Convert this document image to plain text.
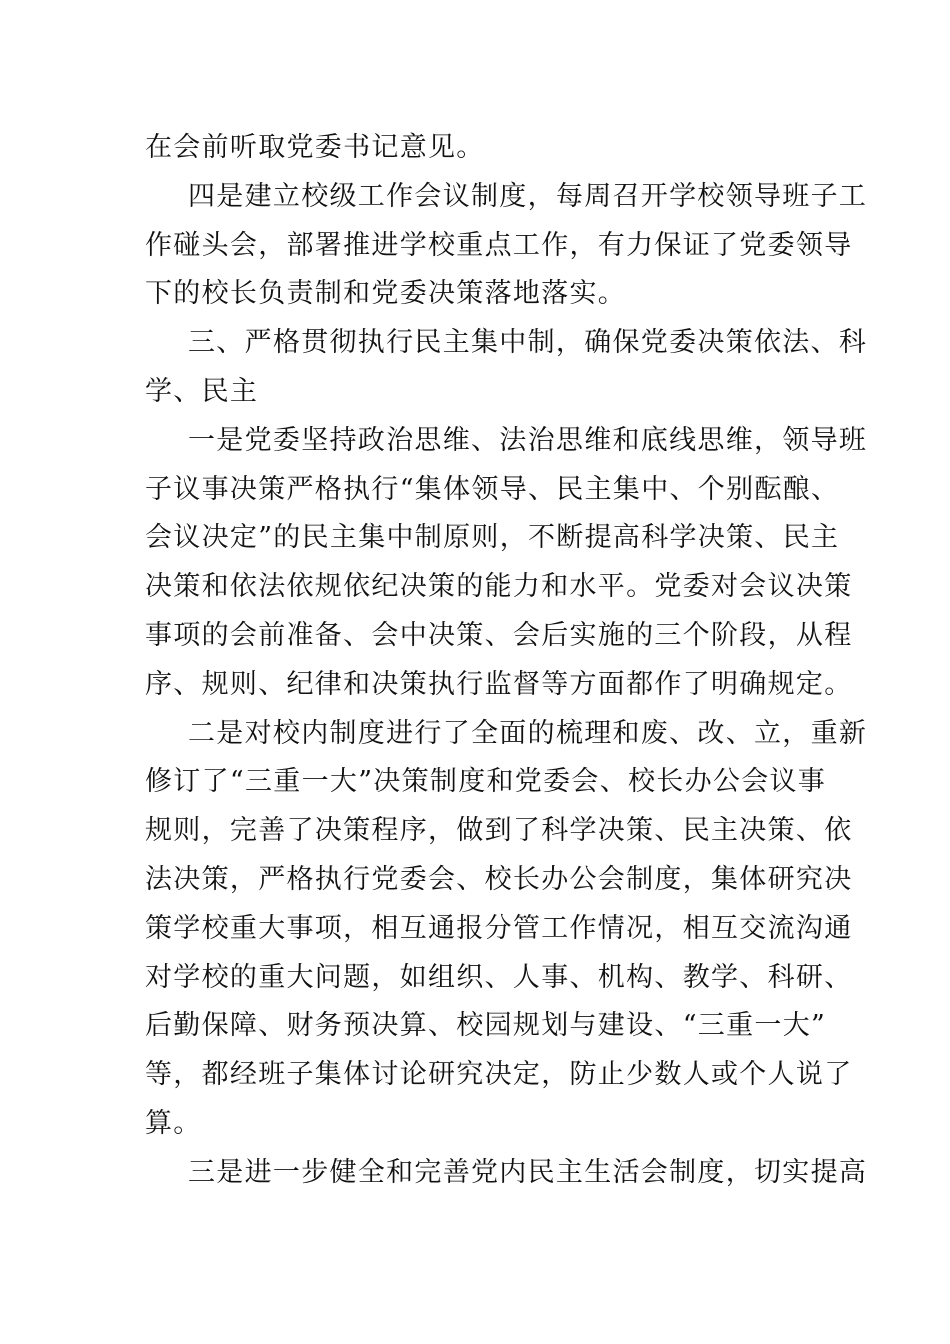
在会前听取党委书记意见。
四是建立校级工作会议制度，每周召开学校领导班子工
作碰头会，部署推进学校重点工作，有力保证了党委领导
下的校长负责制和党委决策落地落实。
三、严格贯彻执行民主集中制，确保党委决策依法、科
学、民主
一是党委坚持政治思维、法治思维和底线思维，领导班
子议事决策严格执行“集体领导、民主集中、个别酝酿、
会议决定”的民主集中制原则，不断提高科学决策、民主
决策和依法依规依纪决策的能力和水平。党委对会议决策
事项的会前准备、会中决策、会后实施的三个阶段，从程
序、规则、纪律和决策执行监督等方面都作了明确规定。
二是对校内制度进行了全面的梳理和废、改、立，重新
修订了“三重一大”决策制度和党委会、校长办公会议事
规则，完善了决策程序，做到了科学决策、民主决策、依
法决策，严格执行党委会、校长办公会制度，集体研究决
策学校重大事项，相互通报分管工作情况，相互交流沟通
对学校的重大问题，如组织、人事、机构、教学、科研、
后勤保障、财务预决算、校园规划与建设、“三重一大”
等，都经班子集体讨论研究决定，防止少数人或个人说了
算。
三是进一步健全和完善党内民主生活会制度，切实提高
